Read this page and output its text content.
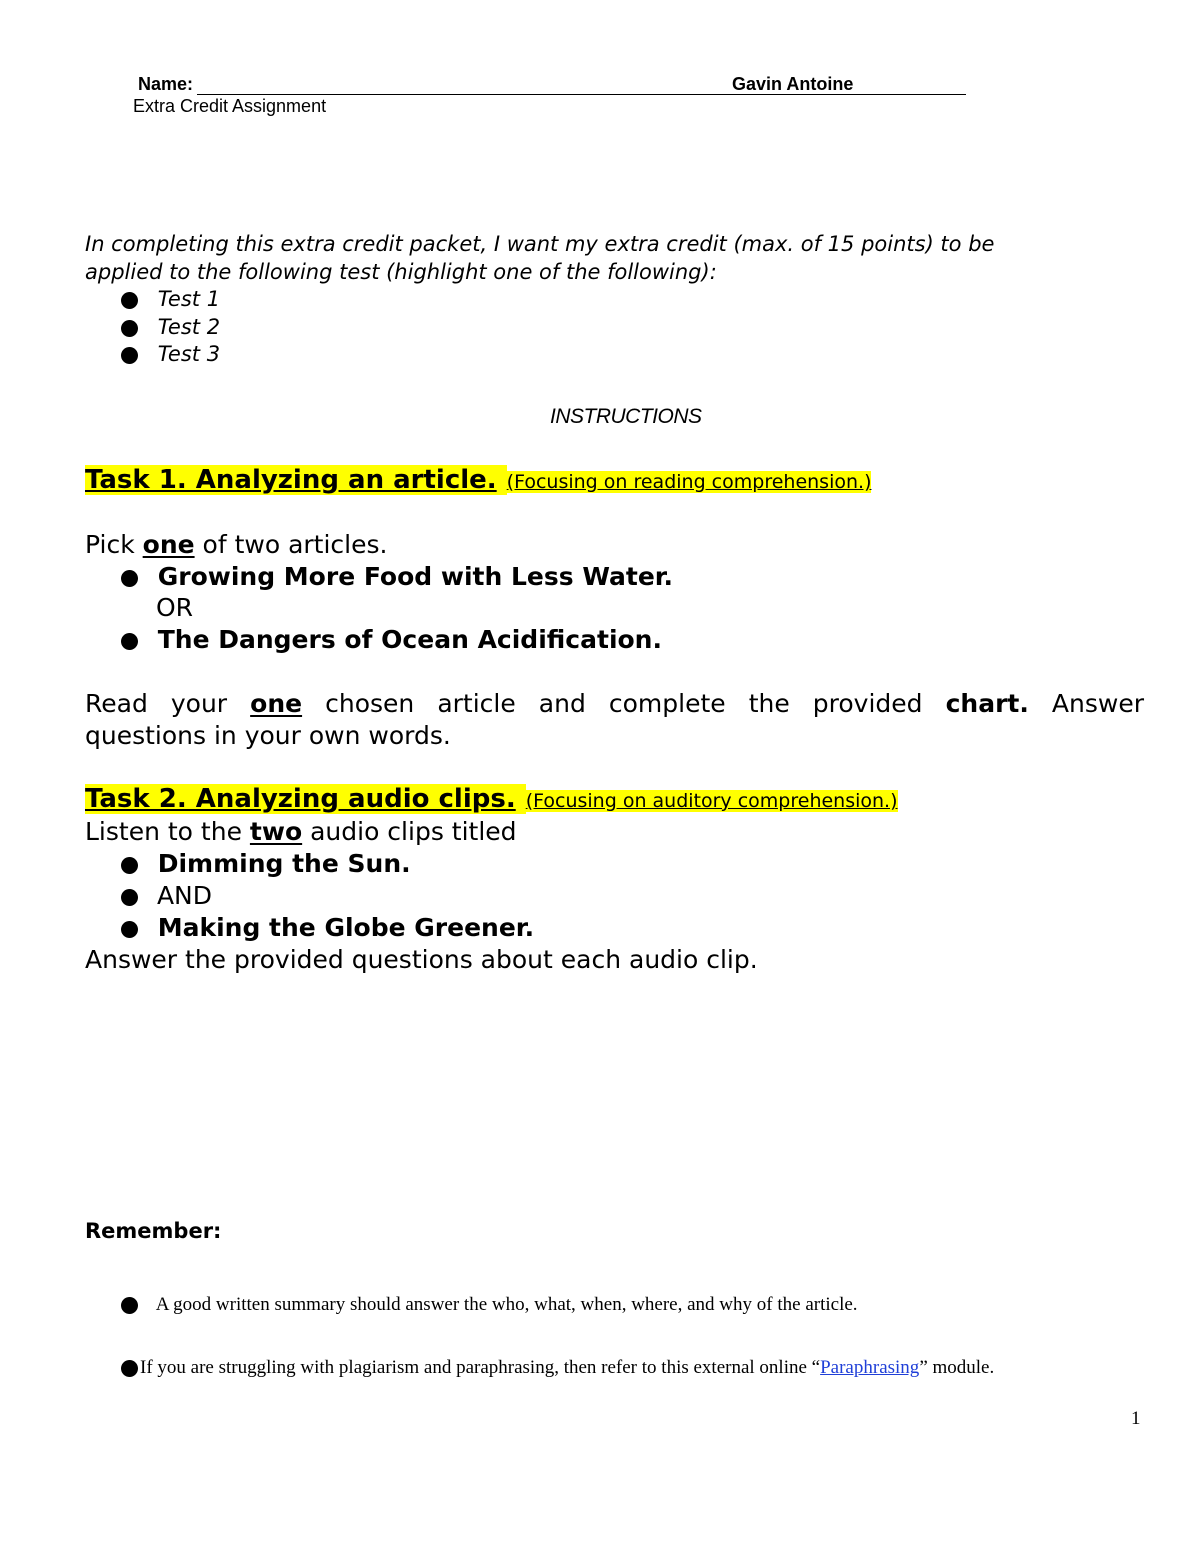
Name:	Gavin Antoine
Extra Credit Assignment
In completing this extra credit packet, I want my extra credit (max. of 15 points) to be
applied to the following test (highlight one of the following):
Test 1
Test 2
Test 3
INSTRUCTIONS
Task 1. Analyzing an article. (Focusing on reading comprehension.)
Pick one of two articles.
Growing More Food with Less Water.
OR
The Dangers of Ocean Acidification.
Read your one chosen article and complete the provided chart. Answer
questions in your own words.
Task 2. Analyzing audio clips. (Focusing on auditory comprehension.)
Listen to the two audio clips titled
Dimming the Sun.
AND
Making the Globe Greener.
Answer the provided questions about each audio clip.
Remember:
A good written summary should answer the who, what, when, where, and why of the article.
If you are struggling with plagiarism and paraphrasing, then refer to this external online “Paraphrasing” module.
1
